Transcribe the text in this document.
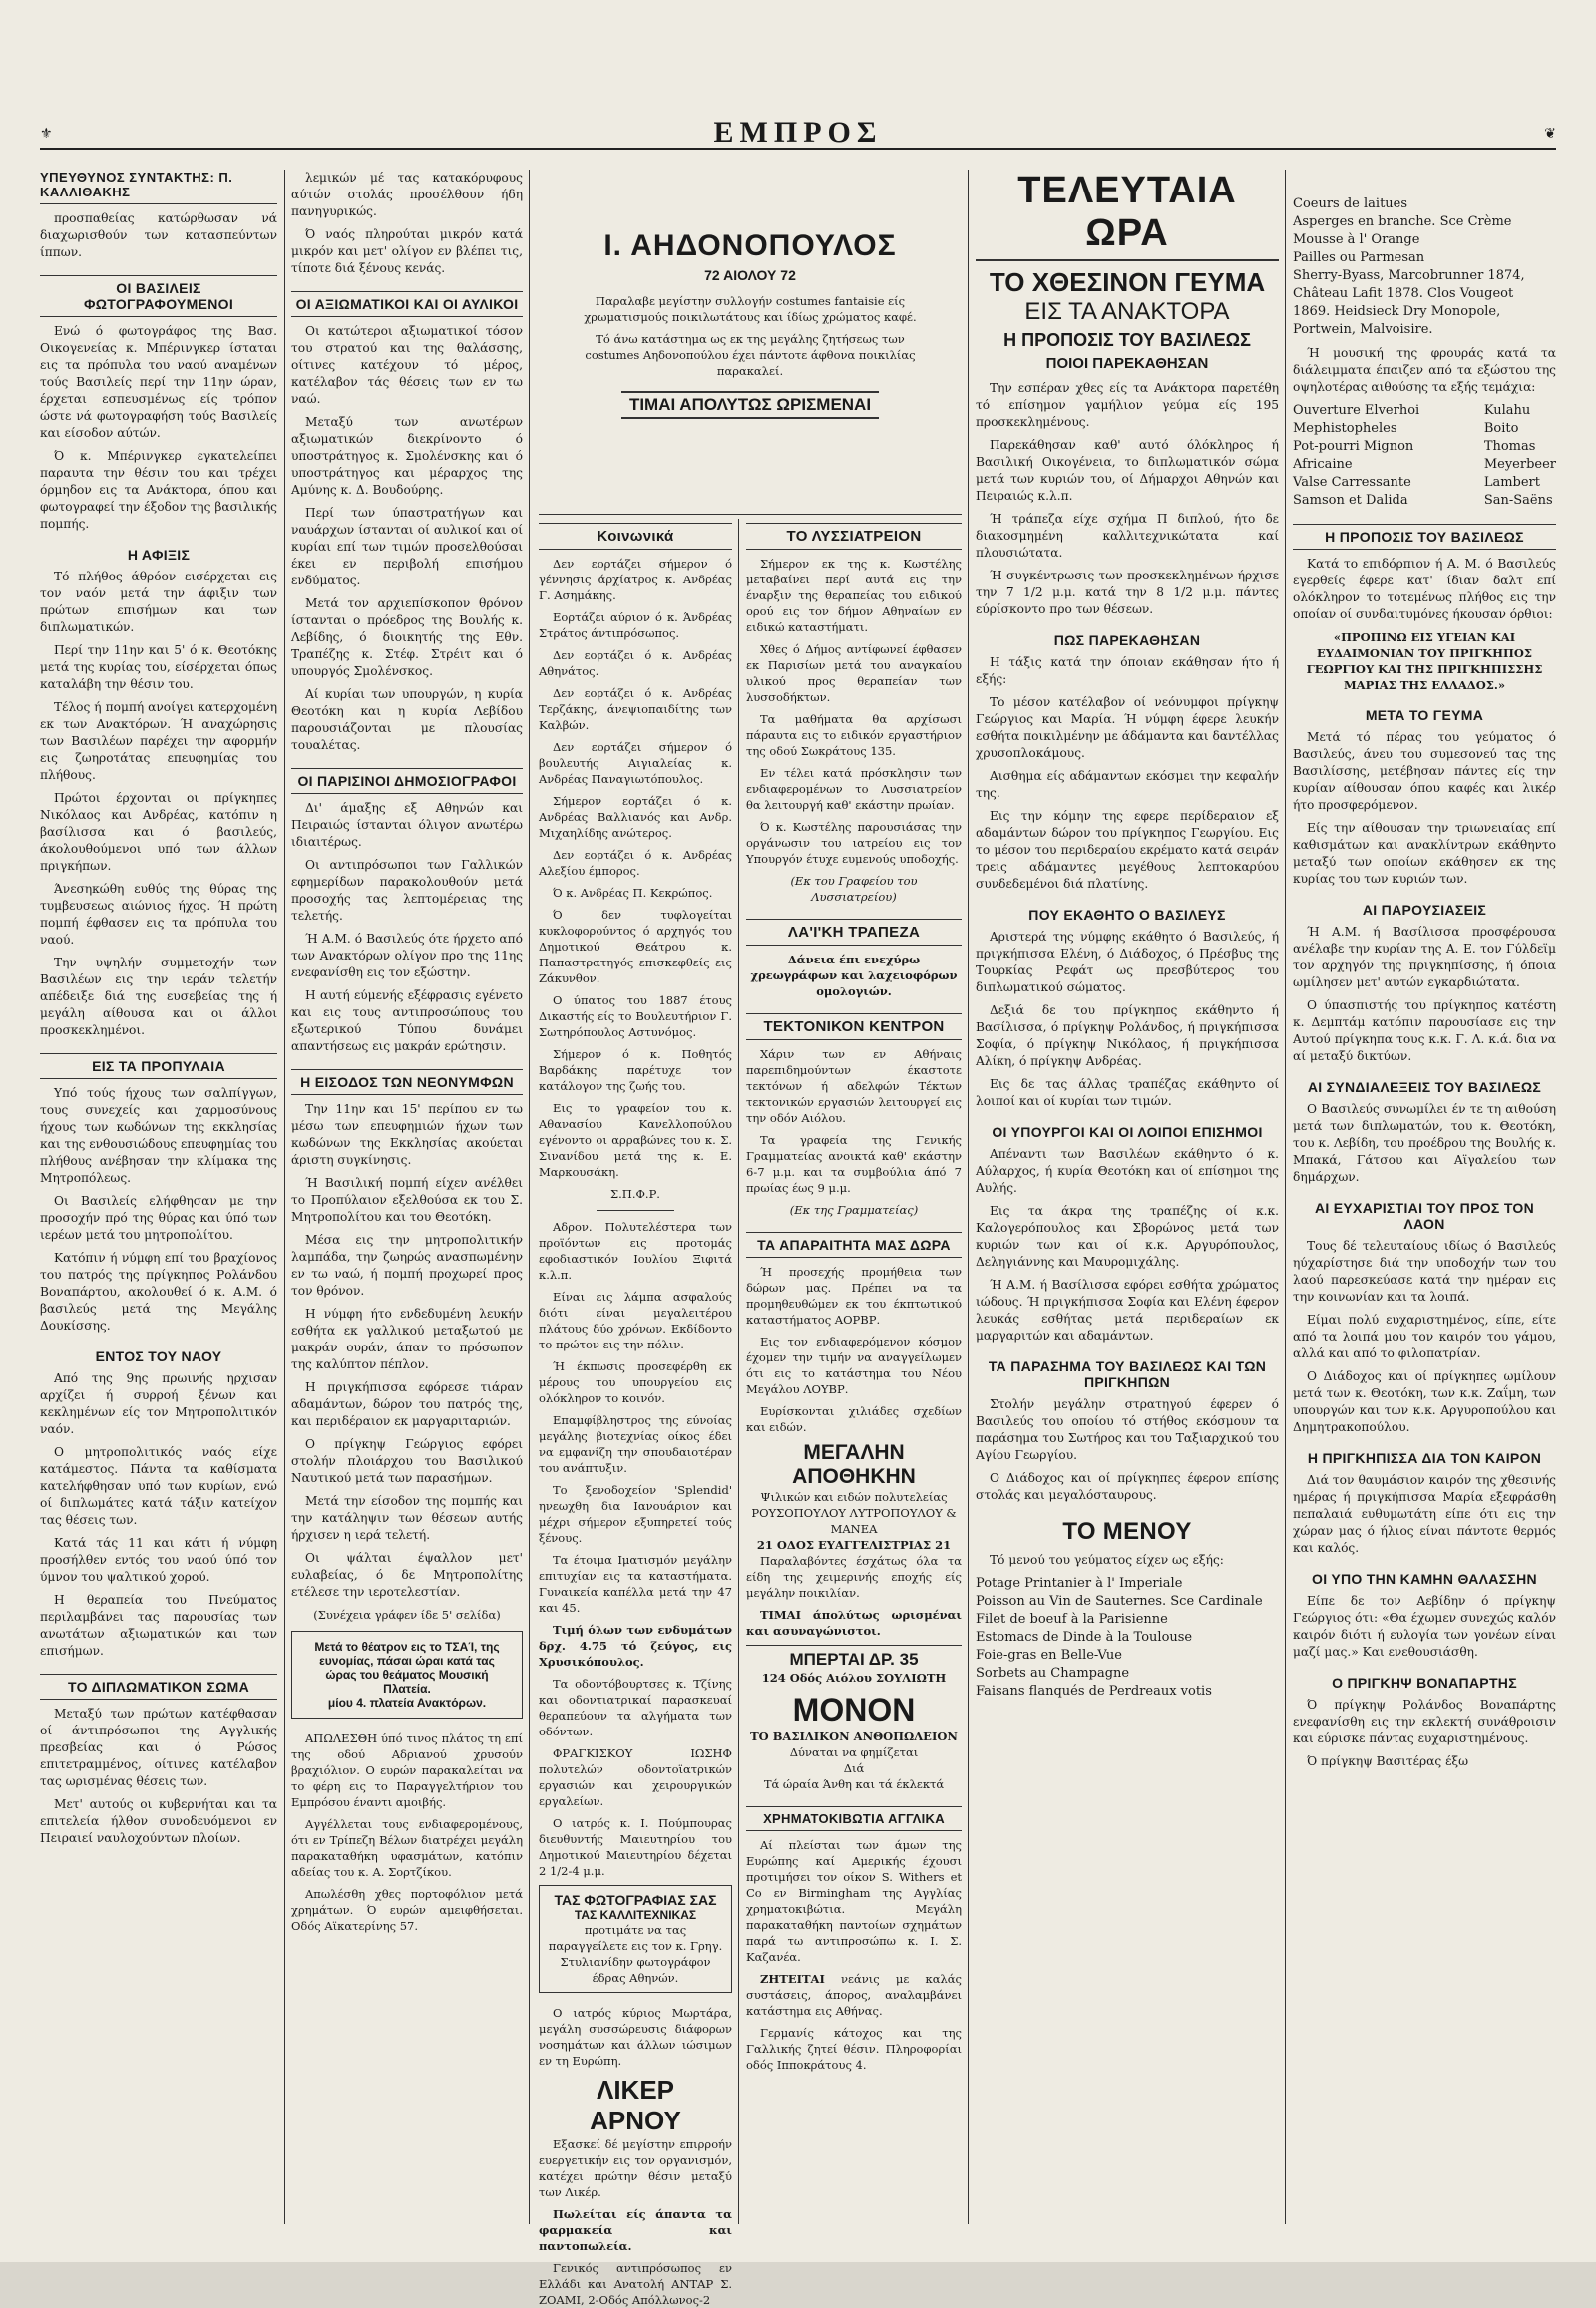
⚜	ΕΜΠΡΟΣ	❦
ΥΠΕΥΘΥΝΟΣ ΣΥΝΤΑΚΤΗΣ: Π. ΚΑΛΛΙΘΑΚΗΣ

προσπαθείας κατώρθωσαν νά διαχωρισθούν των κατασπεύντων ίππων.

ΟΙ ΒΑΣΙΛΕΙΣ ΦΩΤΟΓΡΑΦΟΥΜΕΝΟΙ

Ενώ ό φωτογράφος της Βασ. Οικογενείας κ. Μπέρινγκερ ίσταται εις τα πρόπυλα του ναού αναμένων τούς Βασιλείς περί την 11ην ώραν, έρχεται εσπευσμένως είς τρόπον ώστε νά φωτογραφήση τούς Βασιλείς και είσοδον αύτών.

Ό κ. Μπέρινγκερ εγκατελείπει παραυτα την θέσιν του και τρέχει όρμηδον εις τα Ανάκτορα, όπου και φωτογραφεί την έξοδον της βασιλικής πομπής.

Η ΑΦΙΞΙΣ

Τό πλήθος άθρόον εισέρχεται εις τον ναόν μετά την άφιξιν των πρώτων επισήμων και των διπλωματικών.

Περί την 11ην και 5' ό κ. Θεοτόκης μετά της κυρίας του, είσέρχεται όπως καταλάβη την θέσιν του.

Τέλος ή πομπή ανοίγει κατερχομένη εκ των Ανακτόρων. Ή αναχώρησις των Βασιλέων παρέχει την αφορμήν εις ζωηροτάτας επευφημίας του πλήθους.

Πρώτοι έρχονται οι πρίγκηπες Νικόλαος και Ανδρέας, κατόπιν η βασίλισσα και ό βασιλεύς, άκολουθούμενοι υπό των άλλων πριγκήπων.

Άνεσηκώθη ευθύς της θύρας της τυμβευσεως αιώνιος ήχος. Ή πρώτη πομπή έφθασεν εις τα πρόπυλα του ναού.

Την υψηλήν συμμετοχήν των Βασιλέων εις την ιεράν τελετήν απέδειξε διά της ευσεβείας της ή μεγάλη αίθουσα και οι άλλοι προσκεκλημένοι.

ΕΙΣ ΤΑ ΠΡΟΠΥΛΑΙΑ

Υπό τούς ήχους των σαλπίγγων, τους συνεχείς και χαρμοσύνους ήχους των κωδώνων της εκκλησίας και της ενθουσιώδους επευφημίας του πλήθους ανέβησαν την κλίμακα της Μητροπόλεως.

Οι Βασιλείς ελήφθησαν με την προσοχήν πρό της θύρας και ύπό των ιερέων μετά του μητροπολίτου.

Κατόπιν ή νύμφη επί του βραχίονος του πατρός της πρίγκηπος Ρολάνδου Βοναπάρτου, ακολουθεί ό κ. Α.Μ. ό βασιλεύς μετά της Μεγάλης Δουκίσσης.

ΕΝΤΟΣ ΤΟΥ ΝΑΟΥ

Από της 9ης πρωινής ηρχισαν αρχίζει ή συρροή ξένων και κεκλημένων είς τον Μητροπολιτικόν ναόν.

Ο μητροπολιτικός ναός είχε κατάμεστος. Πάντα τα καθίσματα κατελήφθησαν υπό των κυρίων, ενώ οί διπλωμάτες κατά τάξιν κατείχον τας θέσεις των.

Κατά τάς 11 και κάτι ή νύμφη προσήλθεν εντός του ναού ύπό τον ύμνον του ψαλτικού χορού.

Η θεραπεία του Πνεύματος περιλαμβάνει τας παρουσίας των ανωτάτων αξιωματικών και των επισήμων.

ΤΟ ΔΙΠΛΩΜΑΤΙΚΟΝ ΣΩΜΑ

Μεταξύ των πρώτων κατέφθασαν οί άντιπρόσωποι της Αγγλικής πρεσβείας και ό Ρώσος επιτετραμμένος, οίτινες κατέλαβον τας ωρισμένας θέσεις των.

Μετ' αυτούς οι κυβερνήται και τα επιτελεία ήλθον συνοδευόμενοι εν Πειραιεί ναυλοχούντων πλοίων.

λεμικών μέ τας κατακόρυφους αύτών στολάς προσέλθουν ήδη πανηγυρικώς.

Ό ναός πληρούται μικρόν κατά μικρόν και μετ' ολίγον εν βλέπει τις, τίποτε διά ξένους κενάς.

ΟΙ ΑΞΙΩΜΑΤΙΚΟΙ ΚΑΙ ΟΙ ΑΥΛΙΚΟΙ

Οι κατώτεροι αξιωματικοί τόσον του στρατού και της θαλάσσης, οίτινες κατέχουν τό μέρος, κατέλαβον τάς θέσεις των εν τω ναώ.

Μεταξύ των ανωτέρων αξιωματικών διεκρίνοντο ό υποστράτηγος κ. Σμολένσκης και ό υποστράτηγος και μέραρχος της Αμύνης κ. Δ. Βουδούρης.

Περί των ύπαστρατήγων και ναυάρχων ίστανται οί αυλικοί και οί κυρίαι επί των τιμών προσελθούσαι έκει εν περιβολή επισήμου ενδύματος.

Μετά τον αρχιεπίσκοπον θρόνον ίστανται ο πρόεδρος της Βουλής κ. Λεβίδης, ό διοικητής της Εθν. Τραπέζης κ. Στέφ. Στρέιτ και ό υπουργός Σμολένσκος.

Αί κυρίαι των υπουργών, η κυρία Θεοτόκη και η κυρία Λεβίδου παρουσιάζονται με πλουσίας τουαλέτας.

ΟΙ ΠΑΡΙΣΙΝΟΙ ΔΗΜΟΣΙΟΓΡΑΦΟΙ

Δι' άμαξης εξ Αθηνών και Πειραιώς ίστανται όλιγον ανωτέρω ιδιαιτέρως.

Οι αντιπρόσωποι των Γαλλικών εφημερίδων παρακολουθούν μετά προσοχής τας λεπτομέρειας της τελετής.

Ή Α.Μ. ό Βασιλεύς ότε ήρχετο από των Ανακτόρων ολίγον προ της 11ης ενεφανίσθη εις τον εξώστην.

Η αυτή εύμενής εξέφρασις εγένετο και εις τους αντιπροσώπους του εξωτερικού Τύπου δυνάμει απαντήσεως εις μακράν ερώτησιν.

Η ΕΙΣΟΔΟΣ ΤΩΝ ΝΕΟΝΥΜΦΩΝ

Την 11ην και 15' περίπου εν τω μέσω των επευφημιών ήχων των κωδώνων της Εκκλησίας ακούεται άριστη συγκίνησις.

Ή Βασιλική πομπή είχεν ανέλθει το Προπύλαιον εξελθούσα εκ του Σ. Μητροπολίτου και του Θεοτόκη.

Μέσα εις την μητροπολιτικήν λαμπάδα, την ζωηρώς ανασπωμένην εν τω ναώ, ή πομπή προχωρεί προς τον θρόνον.

Η νύμφη ήτο ενδεδυμένη λευκήν εσθήτα εκ γαλλικού μεταξωτού με μακράν ουράν, άπαν το πρόσωπον της καλύπτον πέπλον.

Η πριγκήπισσα εφόρεσε τιάραν αδαμάντων, δώρον του πατρός της, και περιδέραιον εκ μαργαριταριών.

Ο πρίγκηψ Γεώργιος εφόρει στολήν πλοιάρχου του Βασιλικού Ναυτικού μετά των παρασήμων.

Μετά την είσοδον της πομπής και την κατάληψιν των θέσεων αυτής ήρχισεν η ιερά τελετή.

Οι ψάλται έψαλλον μετ' ευλαβείας, ό δε Μητροπολίτης ετέλεσε την ιεροτελεστίαν.

(Συνέχεια γράφεν ίδε 5' σελίδα)

Μετά το θέατρον εις το ΤΣΑΊ, της ευνομίας, πάσαι ώραι κατά τας ώρας του θεάματος Μουσική Πλατεία.
μίου 4. πλατεία Ανακτόρων.

ΑΠΩΛΕΣΘΗ ύπό τινος πλάτος τη επί της οδού Αδριανού χρυσούν βραχιόλιον. Ο ευρών παρακαλείται να το φέρη εις το Παραγγελτήριον του Εμπρόσου έναντι αμοιβής.

Αγγέλλεται τους ενδιαφερομένους, ότι εν Τρίπεζη Βέλων διατρέχει μεγάλη παρακαταθήκη υφασμάτων, κατόπιν αδείας του κ. Α. Σορτζίκου.

Απωλέσθη χθες πορτοφόλιον μετά χρημάτων. Ό ευρών αμειφθήσεται. Οδός Αϊκατερίνης 57.

Ι. ΑΗΔΟΝΟΠΟΥΛΟΣ
72 ΑΙΟΛΟΥ 72

Παραλαβε μεγίστην συλλογήν costumes fantaisie είς χρωματισμούς ποικιλωτάτους και ίδίως χρώματος καφέ.

Τό άνω κατάστημα ως εκ της μεγάλης ζητήσεως των costumes Αηδονοπούλου έχει πάντοτε άφθονα ποικιλίας παρακαλεί.

ΤΙΜΑΙ ΑΠΟΛΥΤΩΣ ΩΡΙΣΜΕΝΑΙ
Κοινωνικά

Δεν εορτάζει σήμερον ό γέννησις άρχίατρος κ. Ανδρέας Γ. Ασημάκης.

Εορτάζει αύριον ό κ. Άνδρέας Στράτος άντιπρόσωπος.

Δεν εορτάζει ό κ. Ανδρέας Αθηνάτος.

Δεν εορτάζει ό κ. Ανδρέας Τερζάκης, άνεψιοπαιδίτης των Καλβών.

Δεν εορτάζει σήμερον ό βουλευτής Αιγιαλείας κ. Ανδρέας Παναγιωτόπουλος.

Σήμερον εορτάζει ό κ. Ανδρέας Βαλλιανός και Ανδρ. Μιχαηλίδης ανώτερος.

Δεν εορτάζει ό κ. Ανδρέας Αλεξίου έμπορος.

Ό κ. Ανδρέας Π. Κεκρώπος.

Ό δεν τυφλογείται κυκλοφορούντος ό αρχηγός του Δημοτικού Θεάτρου κ. Παπαστρατηγός επισκεφθείς εις Ζάκυνθον.

Ο ύπατος του 1887 έτους Δικαστής είς το Βουλευτήριον Γ. Σωτηρόπουλος Αστυνόμος.

Σήμερον ό κ. Ποθητός Βαρδάκης παρέτυχε τον κατάλογον της ζωής του.

Εις το γραφείον του κ. Αθανασίου Κανελλοπούλου εγένοντο οι αρραβώνες του κ. Σ. Σινανίδου μετά της κ. Ε. Μαρκουσάκη.

Σ.Π.Φ.Ρ.

Αδρον. Πολυτελέστερα των προϊόντων εις προτομάς εφοδιαστικόν Ιουλίου Ξιφιτά κ.λ.π.

Είναι εις λάμπα ασφαλούς διότι είναι μεγαλειτέρου πλάτους δύο χρόνων. Εκδίδοντο το πρώτον εις την πόλιν.

Ή έκπωσις προσεφέρθη εκ μέρους του υπουργείου εις ολόκληρον το κοινόν.

Επαμφίβληστρος της εύνοίας μεγάλης βιοτεχνίας οίκος έδει να εμφανίζη την σπουδαιοτέραν του ανάπτυξιν.

Το ξενοδοχείον 'Splendid' ηνεωχθη δια Ιανουάριον και μέχρι σήμερον εξυπηρετεί τούς ξένους.

Τα έτοιμα Ιματισμόν μεγάλην επιτυχίαν εις τα καταστήματα. Γυναικεία καπέλλα μετά την 47 και 45.

Τιμή όλων των ενδυμάτων δρχ. 4.75 τό ζεύγος, εις Χρυσικόπουλος.

Τα οδοντόβουρτσες κ. Τζίνης και οδοντιατρικαί παρασκευαί θεραπεύουν τα αλγήματα των οδόντων.

ΦΡΑΓΚΙΣΚΟΥ ΙΩΣΗΦ πολυτελών οδοντοϊατρικών εργασιών και χειρουργικών εργαλείων.

Ο ιατρός κ. Ι. Πούμπουρας διευθυντής Μαιευτηρίου του Δημοτικού Μαιευτηρίου δέχεται 2 1/2-4 μ.μ.

ΤΑΣ ΦΩΤΟΓΡΑΦΙΑΣ ΣΑΣ
ΤΑΣ ΚΑΛΛΙΤΕΧΝΙΚΑΣ
προτιμάτε να τας παραγγείλετε εις τον κ. Γρηγ. Στυλιανίδην φωτογράφον έδρας Αθηνών.

Ο ιατρός κύριος Μωρτάρα, μεγάλη συσσώρευσις διάφορων νοσημάτων και άλλων ιώσιμων εν τη Ευρώπη.

ΛΙΚΕΡ
ΑΡΝΟΥ

Εξασκεί δέ μεγίστην επιρροήν ευεργετικήν εις τον οργανισμόν, κατέχει πρώτην θέσιν μεταξύ των Λικέρ.

Πωλείται είς άπαντα τα φαρμακεία και παντοπωλεία.

Γενικός αντιπρόσωπος εν Ελλάδι και Ανατολή ΑΝΤΑΡ Σ. ΖΟΑΜΙ, 2-Οδός Απόλλωνος-2

ΤΟ ΛΥΣΣΙΑΤΡΕΙΟΝ

Σήμερον εκ της κ. Κωστέλης μεταβαίνει περί αυτά εις την έναρξιν της θεραπείας του ειδικού ορού εις τον δήμον Αθηναίων εν ειδικώ καταστήματι.

Χθες ό Δήμος αντίφωνεί έφθασεν εκ Παρισίων μετά του αναγκαίου υλικού προς θεραπείαν των λυσσοδήκτων.

Τα μαθήματα θα αρχίσωσι πάραυτα εις το ειδικόν εργαστήριον της οδού Σωκράτους 135.

Εν τέλει κατά πρόσκλησιν των ενδιαφερομένων το Λυσσιατρείον θα λειτουργή καθ' εκάστην πρωίαν.

Ό κ. Κωστέλης παρουσιάσας την οργάνωσιν του ιατρείου εις τον Υπουργόν έτυχε ευμενούς υποδοχής.

(Εκ του Γραφείου του Λυσσιατρείου)

ΛΑ'Ι'ΚΗ ΤΡΑΠΕΖΑ

Δάνεια έπι ενεχύρω χρεωγράφων και λαχειοφόρων ομολογιών.

ΤΕΚΤΟΝΙΚΟΝ ΚΕΝΤΡΟΝ

Χάριν των εν Αθήναις παρεπιδημούντων έκαστοτε τεκτόνων ή αδελφών Τέκτων τεκτονικών εργασιών λειτουργεί εις την οδόν Αιόλου.

Τα γραφεία της Γενικής Γραμματείας ανοικτά καθ' εκάστην 6-7 μ.μ. και τα συμβούλια άπό 7 πρωίας έως 9 μ.μ.

(Εκ της Γραμματείας)

ΤΑ ΑΠΑΡΑΙΤΗΤΑ ΜΑΣ ΔΩΡΑ

Ή προσεχής προμήθεια των δώρων μας. Πρέπει να τα προμηθευθώμεν εκ του έκπτωτικού καταστήματος ΑΟΡΒΡ.

Εις τον ενδιαφερόμενον κόσμον έχομεν την τιμήν να αναγγείλωμεν ότι εις το κατάστημα του Νέου Μεγάλου ΛΟΥΒΡ.

Ευρίσκονται χιλιάδες σχεδίων και ειδών.

ΜΕΓΑΛΗΝ ΑΠΟΘΗΚΗΝ
Ψιλικών και ειδών πολυτελείας ΡΟΥΣΟΠΟΥΛΟΥ ΛΥΤΡΟΠΟΥΛΟΥ & ΜΑΝΕΑ
21 ΟΔΟΣ ΕΥΑΓΓΕΛΙΣΤΡΙΑΣ 21

Παραλαβόντες έσχάτως όλα τα είδη της χειμερινής εποχής είς μεγάλην ποικιλίαν.

ΤΙΜΑΙ άπολύτως ωρισμέναι και ασυναγώνιστοι.

ΜΠΕΡΤΑΙ ΔΡ. 35
124 Οδός Αιόλου ΣΟΥΛΙΩΤΗ
ΜΟΝΟΝ
ΤΟ ΒΑΣΙΛΙΚΟΝ ΑΝΘΟΠΩΛΕΙΟΝ
Δύναται να φημίζεται
Διά
Τά ώραία Άνθη και τά έκλεκτά
ΧΡΗΜΑΤΟΚΙΒΩΤΙΑ ΑΓΓΛΙΚΑ

Αί πλείσται των άμων της Ευρώπης καί Αμερικής έχουσι προτιμήσει τον οίκον S. Withers et Co εν Birmingham της Αγγλίας χρηματοκιβώτια. Μεγάλη παρακαταθήκη παντοίων σχημάτων παρά τω αντιπροσώπω κ. Ι. Σ. Καζανέα.

ΖΗΤΕΙΤΑΙ νεάνις με καλάς συστάσεις, άπορος, αναλαμβάνει κατάστημα εις Αθήνας.

Γερμανίς κάτοχος και της Γαλλικής ζητεί θέσιν. Πληροφορίαι οδός Ιπποκράτους 4.

ΤΕΛΕΥΤΑΙΑ ΩΡΑ
ΤΟ ΧΘΕΣΙΝΟΝ ΓΕΥΜΑ
ΕΙΣ ΤΑ ΑΝΑΚΤΟΡΑ
Η ΠΡΟΠΟΣΙΣ ΤΟΥ ΒΑΣΙΛΕΩΣ
ΠΟΙΟΙ ΠΑΡΕΚΑΘΗΣΑΝ

Την εσπέραν χθες είς τα Ανάκτορα παρετέθη τό επίσημον γαμήλιον γεύμα είς 195 προσκεκλημένους.

Παρεκάθησαν καθ' αυτό όλόκληρος ή Βασιλική Οικογένεια, το διπλωματικόν σώμα μετά των κυριών του, οί Δήμαρχοι Αθηνών και Πειραιώς κ.λ.π.

Ή τράπεζα είχε σχήμα Π διπλού, ήτο δε διακοσμημένη καλλιτεχνικώτατα καί πλουσιώτατα.

Ή συγκέντρωσις των προσκεκλημένων ήρχισε την 7 1/2 μ.μ. κατά την 8 1/2 μ.μ. πάντες εύρίσκοντο προ των θέσεων.

ΠΩΣ ΠΑΡΕΚΑΘΗΣΑΝ

Η τάξις κατά την όποιαν εκάθησαν ήτο ή εξής:

Το μέσον κατέλαβον οί νεόνυμφοι πρίγκηψ Γεώργιος και Μαρία. Ή νύμφη έφερε λευκήν εσθήτα ποικιλμένην με άδάμαντα και δαντέλλας χρυσοπλοκάμους.

Αισθημα είς αδάμαντων εκόσμει την κεφαλήν της.

Εις την κόμην της εφερε περίδεραιον εξ αδαμάντων δώρον του πρίγκηπος Γεωργίου. Εις το μέσον του περιδεραίου εκρέματο κατά σειράν τρεις αδάμαντες μεγέθους λεπτοκαρύου συνδεδεμένοι διά πλατίνης.

ΠΟΥ ΕΚΑΘΗΤΟ Ο ΒΑΣΙΛΕΥΣ

Αριστερά της νύμφης εκάθητο ό Βασιλεύς, ή πριγκήπισσα Ελένη, ό Διάδοχος, ό Πρέσβυς της Τουρκίας Ρεφάτ ως πρεσβύτερος του διπλωματικού σώματος.

Δεξιά δε του πρίγκηπος εκάθηντο ή Βασίλισσα, ό πρίγκηψ Ρολάνδος, ή πριγκήπισσα Σοφία, ό πρίγκηψ Νικόλαος, ή πριγκήπισσα Αλίκη, ό πρίγκηψ Ανδρέας.

Εις δε τας άλλας τραπέζας εκάθηντο οί λοιποί και οί κυρίαι των τιμών.

ΟΙ ΥΠΟΥΡΓΟΙ ΚΑΙ ΟΙ ΛΟΙΠΟΙ ΕΠΙΣΗΜΟΙ

Απέναντι των Βασιλέων εκάθηντο ό κ. Αύλαρχος, ή κυρία Θεοτόκη και οί επίσημοι της Αυλής.

Εις τα άκρα της τραπέζης οί κ.κ. Καλογερόπουλος και Σβορώνος μετά των κυριών των και οί κ.κ. Αργυρόπουλος, Δεληγιάννης και Μαυρομιχάλης.

Ή Α.Μ. ή Βασίλισσα εφόρει εσθήτα χρώματος ιώδους. Ή πριγκήπισσα Σοφία και Ελένη έφερον λευκάς εσθήτας μετά περιδεραίων εκ μαργαριτών και αδαμάντων.

ΤΑ ΠΑΡΑΣΗΜΑ ΤΟΥ ΒΑΣΙΛΕΩΣ ΚΑΙ ΤΩΝ ΠΡΙΓΚΗΠΩΝ

Στολήν μεγάλην στρατηγού έφερεν ό Βασιλεύς του οποίου τό στήθος εκόσμουν τα παράσημα του Σωτήρος και του Ταξιαρχικού του Αγίου Γεωργίου.

Ο Διάδοχος και οί πρίγκηπες έφερον επίσης στολάς και μεγαλόσταυρους.

ΤΟ ΜΕΝΟΥ

Τό μενού του γεύματος είχεν ως εξής:

Potage Printanier à l' Imperiale
Poisson au Vin de Sauternes. Sce Cardinale
Filet de boeuf à la Parisienne
Estomacs de Dinde à la Toulouse
Foie-gras en Belle-Vue
Sorbets au Champagne
Faisans flanqués de Perdreaux votis
Coeurs de laitues
Asperges en branche. Sce Crème
Mousse à l' Orange
Pailles ou Parmesan
Sherry-Byass, Marcobrunner 1874,
Château Lafit 1878. Clos Vougeot
1869. Heidsieck Dry Monopole,
Portwein, Malvoisire.

Ή μουσική της φρουράς κατά τα διάλειμματα έπαιζεν από τα εξώστου της οψηλοτέρας αιθούσης τα εξής τεμάχια:

Ouverture Elverhoi
Mephistopheles
Pot-pourri Mignon
Africaine
Valse Carressante
Samson et Dalida
Kulahu
Boito
Thomas
Meyerbeer
Lambert
San-Saëns
Η ΠΡΟΠΟΣΙΣ ΤΟΥ ΒΑΣΙΛΕΩΣ

Κατά το επιδόρπιον ή Α. Μ. ό Βασιλεύς εγερθείς έφερε κατ' ίδιαν δαλτ επί ολόκληρον το τοτεμένως πλήθος εις την οποίαν οί συνδαιτυμόνες ήκουσαν όρθιοι:

«ΠΡΟΠΙΝΩ ΕΙΣ ΥΓΕΙΑΝ ΚΑΙ ΕΥΔΑΙΜΟΝΙΑΝ ΤΟΥ ΠΡΙΓΚΗΠΟΣ ΓΕΩΡΓΙΟΥ ΚΑΙ ΤΗΣ ΠΡΙΓΚΗΠΙΣΣΗΣ ΜΑΡΙΑΣ ΤΗΣ ΕΛΛΑΔΟΣ.»

ΜΕΤΑ ΤΟ ΓΕΥΜΑ

Μετά τό πέρας του γεύματος ό Βασιλεύς, άνευ του συμεσονεύ τας της Βασιλίσσης, μετέβησαν πάντες είς την κυρίαν αίθουσαν όπου καφές και λικέρ ήτο προσφερόμενον.

Είς την αίθουσαν την τριωνειαίας επί καθισμάτων και ανακλίντρων εκάθηντο μεταξύ των οποίων εκάθησεν εκ της κυρίας του των κυριών των.

ΑΙ ΠΑΡΟΥΣΙΑΣΕΙΣ

Ή Α.Μ. ή Βασίλισσα προσφέρουσα ανέλαβε την κυρίαν της Α. Ε. τον Γύλδεϊμ τον αρχηγόν της πριγκηπίσσης, ή όποια ωμίλησεν μετ' αυτών εγκαρδιώτατα.

Ο ύπασπιστής του πρίγκηπος κατέστη κ. Δεμπτάμ κατόπιν παρουσίασε εις την Αυτού πρίγκηπα τους κ.κ. Γ. Λ. κ.ά. δια να αί μεταξύ δικτύων.

ΑΙ ΣΥΝΔΙΑΛΕΞΕΙΣ ΤΟΥ ΒΑΣΙΛΕΩΣ

Ο Βασιλεύς συνωμίλει έν τε τη αιθούση μετά των διπλωματών, του κ. Θεοτόκη, του κ. Λεβίδη, του προέδρου της Βουλής κ. Μπακά, Γάτσου και Αϊγαλείου των δημάρχων.

ΑΙ ΕΥΧΑΡΙΣΤΙΑΙ ΤΟΥ ΠΡΟΣ ΤΟΝ ΛΑΟΝ

Τους δέ τελευταίους ιδίως ό Βασιλεύς ηύχαρίστησε διά την υποδοχήν των του λαού παρεσκεύασε κατά την ημέραν εις την κοινωνίαν και τα λοιπά.

Είμαι πολύ ευχαριστημένος, είπε, είτε από τα λοιπά μου τον καιρόν του γάμου, αλλά και από το φιλοπατρίαν.

Ο Διάδοχος και οί πρίγκηπες ωμίλουν μετά των κ. Θεοτόκη, των κ.κ. Ζαΐμη, των υπουργών και των κ.κ. Αργυροπούλου και Δημητρακοπούλου.

Η ΠΡΙΓΚΗΠΙΣΣΑ ΔΙΑ ΤΟΝ ΚΑΙΡΟΝ

Διά τον θαυμάσιον καιρόν της χθεσινής ημέρας ή πριγκήπισσα Μαρία εξεφράσθη πεπαλαιά ευθυμωτάτη είπε ότι εις την χώραν μας ό ήλιος είναι πάντοτε θερμός και καλός.

ΟΙ ΥΠΟ ΤΗΝ ΚΑΜΗΝ ΘΑΛΑΣΣΗΝ

Είπε δε τον Αεβίδην ό πρίγκηψ Γεώργιος ότι: «Θα έχωμεν συνεχώς καλόν καιρόν διότι ή ευλογία των γονέων είναι μαζί μας.» Και ενεθουσιάσθη.

Ο ΠΡΙΓΚΗΨ ΒΟΝΑΠΑΡΤΗΣ

Ό πρίγκηψ Ρολάνδος Βοναπάρτης ενεφανίσθη εις την εκλεκτή συνάθροισιν και εύρισκε πάντας ευχαριστημένους.

Ό πρίγκηψ Βασιτέρας έξω
